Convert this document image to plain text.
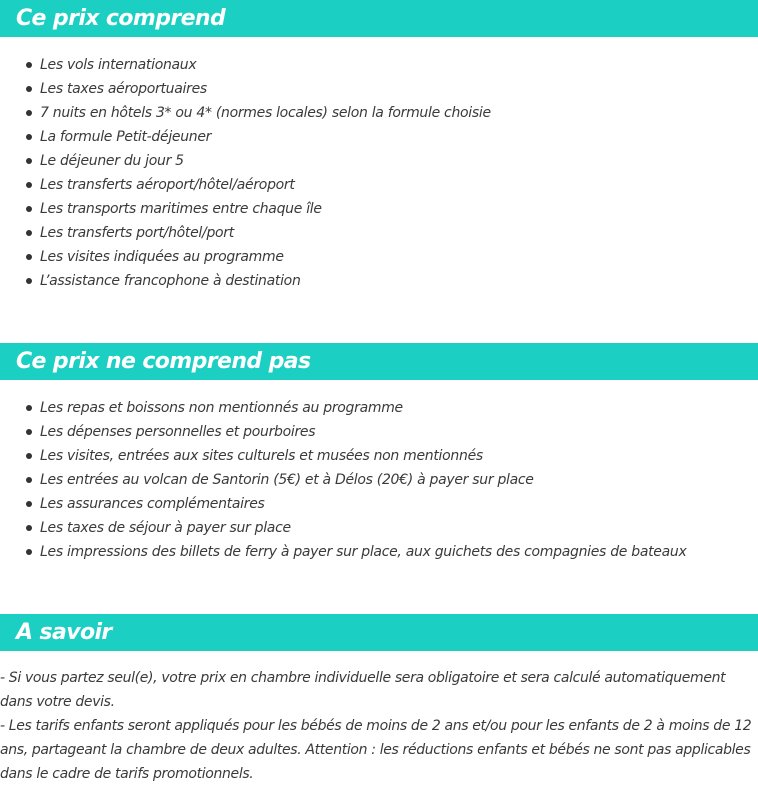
Ce prix comprend
Les vols internationaux
Les taxes aéroportuaires
7 nuits en hôtels 3* ou 4* (normes locales) selon la formule choisie
La formule Petit-déjeuner
Le déjeuner du jour 5
Les transferts aéroport/hôtel/aéroport
Les transports maritimes entre chaque île
Les transferts port/hôtel/port
Les visites indiquées au programme
L’assistance francophone à destination
Ce prix ne comprend pas
Les repas et boissons non mentionnés au programme
Les dépenses personnelles et pourboires
Les visites, entrées aux sites culturels et musées non mentionnés
Les entrées au volcan de Santorin (5€) et à Délos (20€) à payer sur place
Les assurances complémentaires
Les taxes de séjour à payer sur place
Les impressions des billets de ferry à payer sur place, aux guichets des compagnies de bateaux
A savoir

- Si vous partez seul(e), votre prix en chambre individuelle sera obligatoire et sera calculé automatiquement dans votre devis.

- Les tarifs enfants seront appliqués pour les bébés de moins de 2 ans et/ou pour les enfants de 2 à moins de 12 ans, partageant la chambre de deux adultes. Attention : les réductions enfants et bébés ne sont pas applicables dans le cadre de tarifs promotionnels.
